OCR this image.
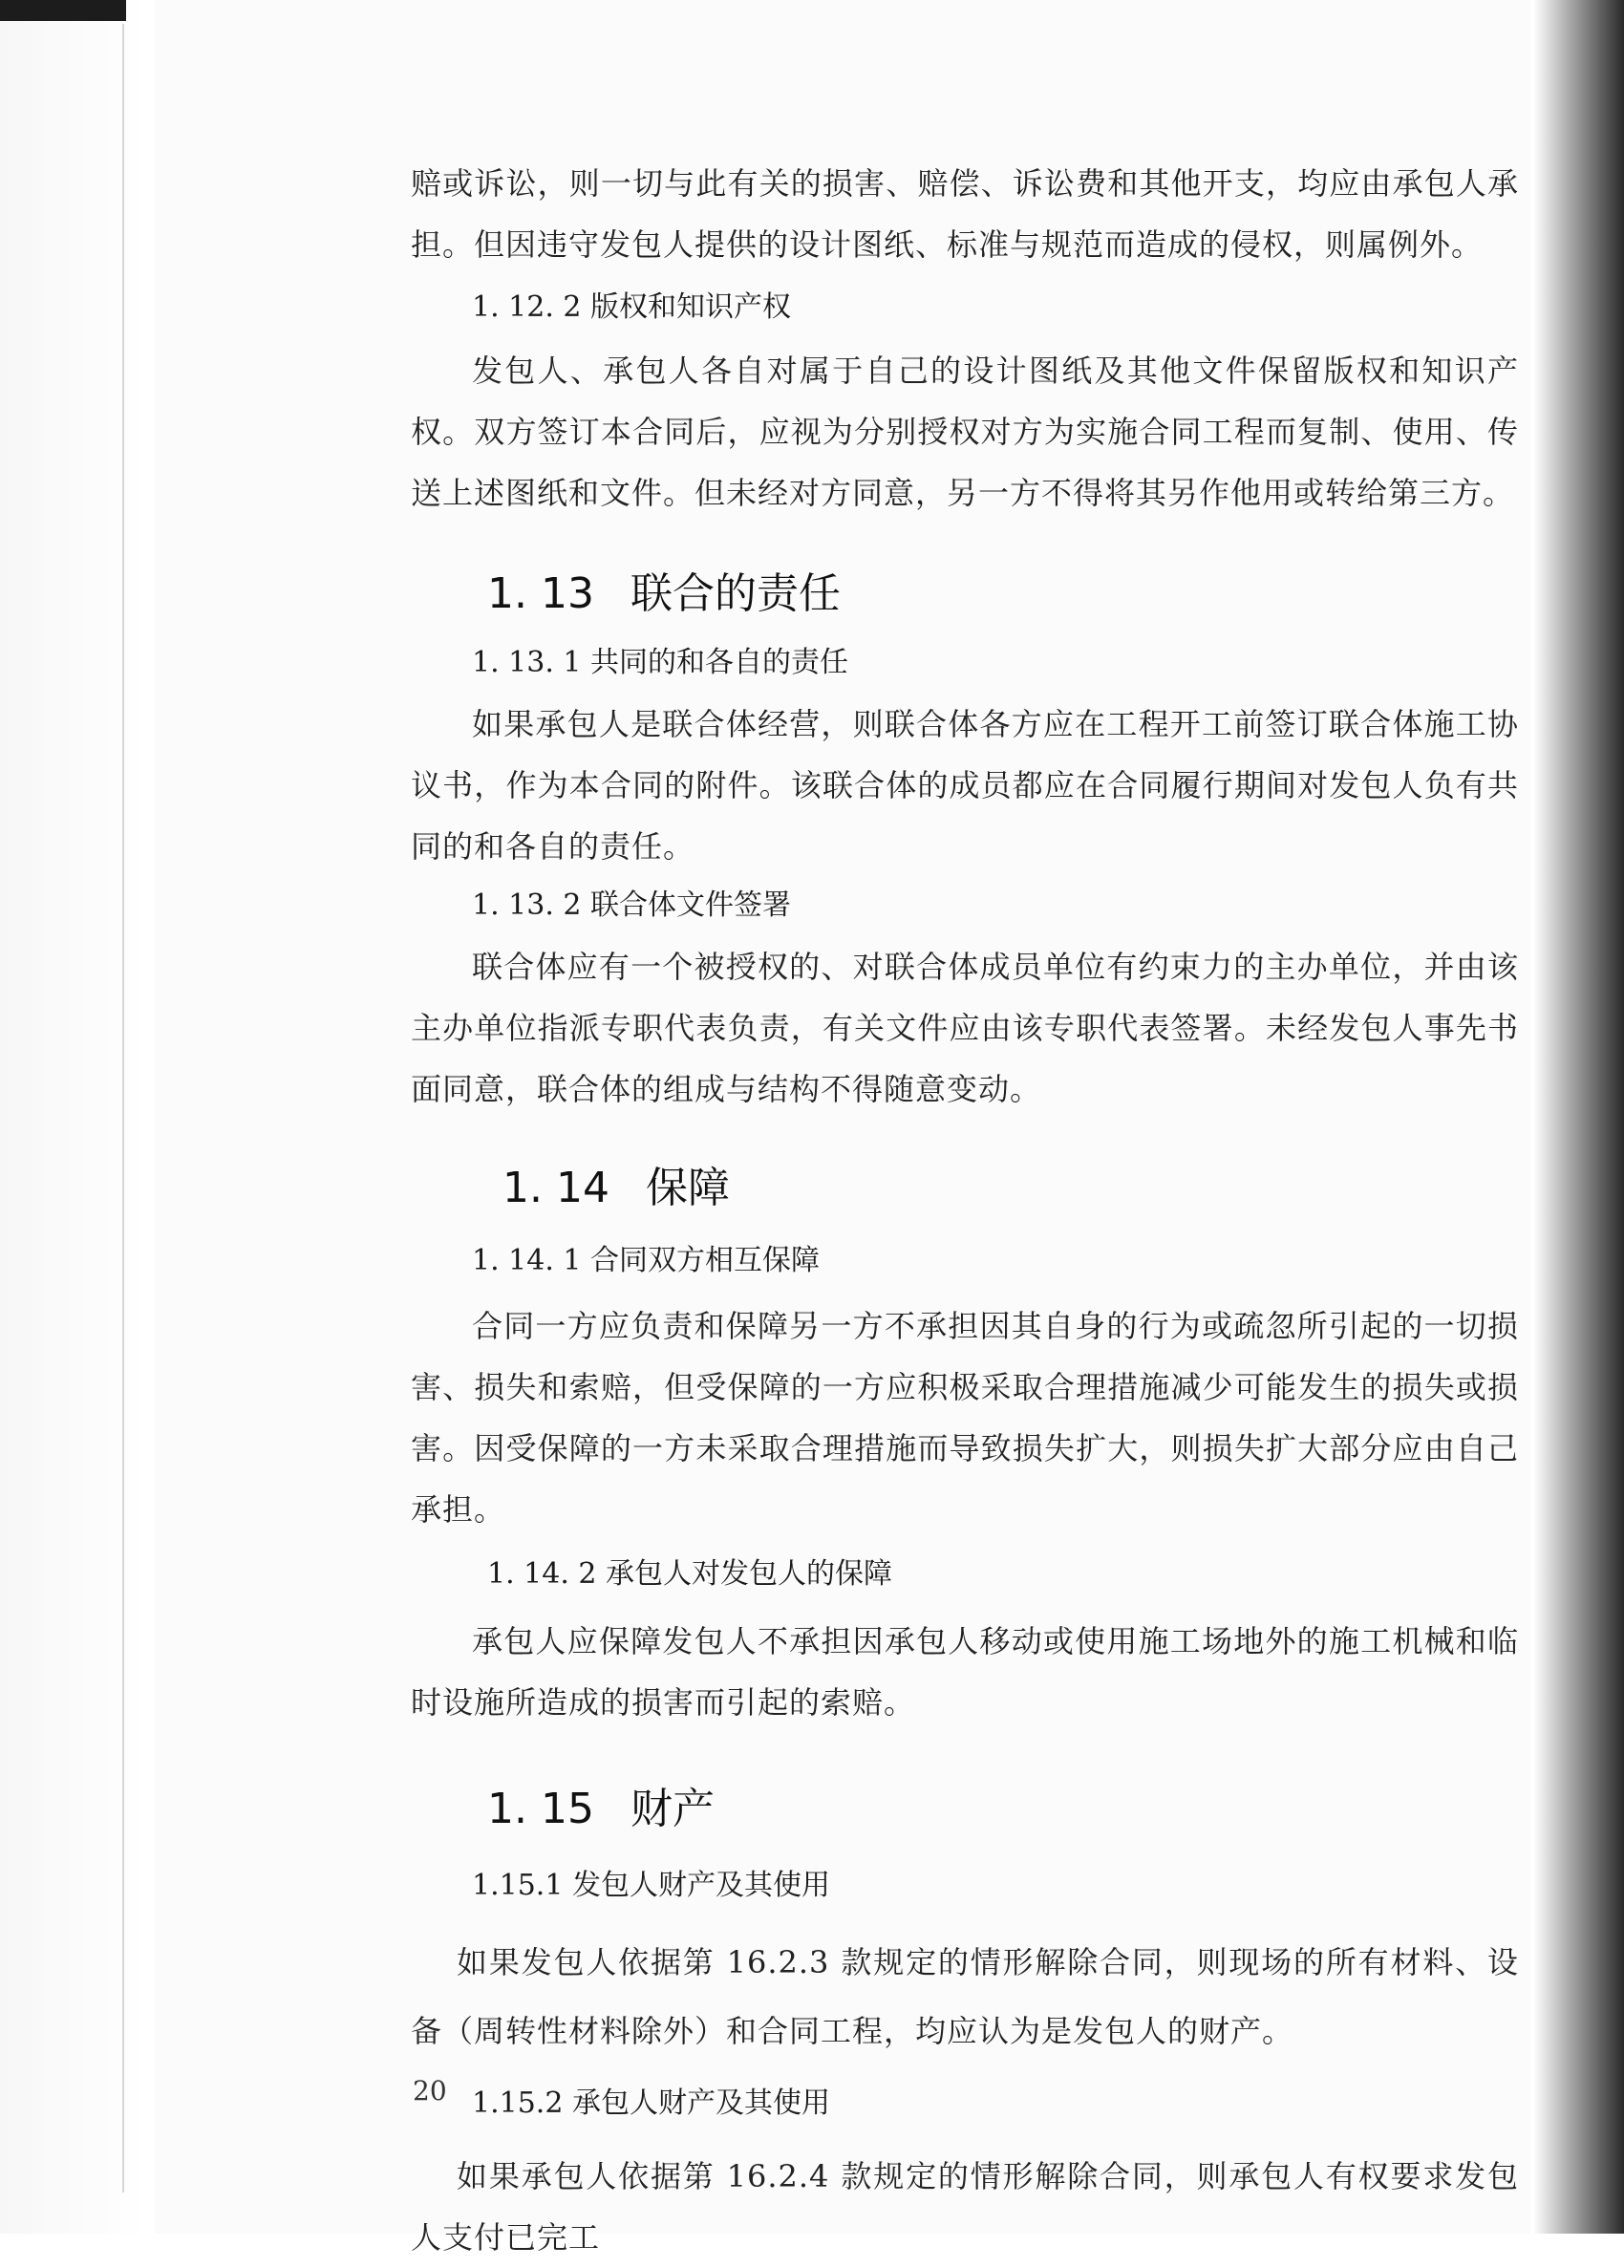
赔或诉讼，则一切与此有关的损害、赔偿、诉讼费和其他开支，均应由承包人承担。但因违守发包人提供的设计图纸、标准与规范而造成的侵权，则属例外。

1. 12. 2 版权和知识产权

发包人、承包人各自对属于自己的设计图纸及其他文件保留版权和知识产权。双方签订本合同后，应视为分别授权对方为实施合同工程而复制、使用、传送上述图纸和文件。但未经对方同意，另一方不得将其另作他用或转给第三方。

1. 13 联合的责任

1. 13. 1 共同的和各自的责任

如果承包人是联合体经营，则联合体各方应在工程开工前签订联合体施工协议书，作为本合同的附件。该联合体的成员都应在合同履行期间对发包人负有共同的和各自的责任。

1. 13. 2 联合体文件签署

联合体应有一个被授权的、对联合体成员单位有约束力的主办单位，并由该主办单位指派专职代表负责，有关文件应由该专职代表签署。未经发包人事先书面同意，联合体的组成与结构不得随意变动。

1. 14 保障

1. 14. 1 合同双方相互保障

合同一方应负责和保障另一方不承担因其自身的行为或疏忽所引起的一切损害、损失和索赔，但受保障的一方应积极采取合理措施减少可能发生的损失或损害。因受保障的一方未采取合理措施而导致损失扩大，则损失扩大部分应由自己承担。

1. 14. 2 承包人对发包人的保障

承包人应保障发包人不承担因承包人移动或使用施工场地外的施工机械和临时设施所造成的损害而引起的索赔。

1. 15 财产

1.15.1 发包人财产及其使用

如果发包人依据第 16.2.3 款规定的情形解除合同，则现场的所有材料、设备（周转性材料除外）和合同工程，均应认为是发包人的财产。

1.15.2 承包人财产及其使用

如果承包人依据第 16.2.4 款规定的情形解除合同，则承包人有权要求发包人支付已完工

20
